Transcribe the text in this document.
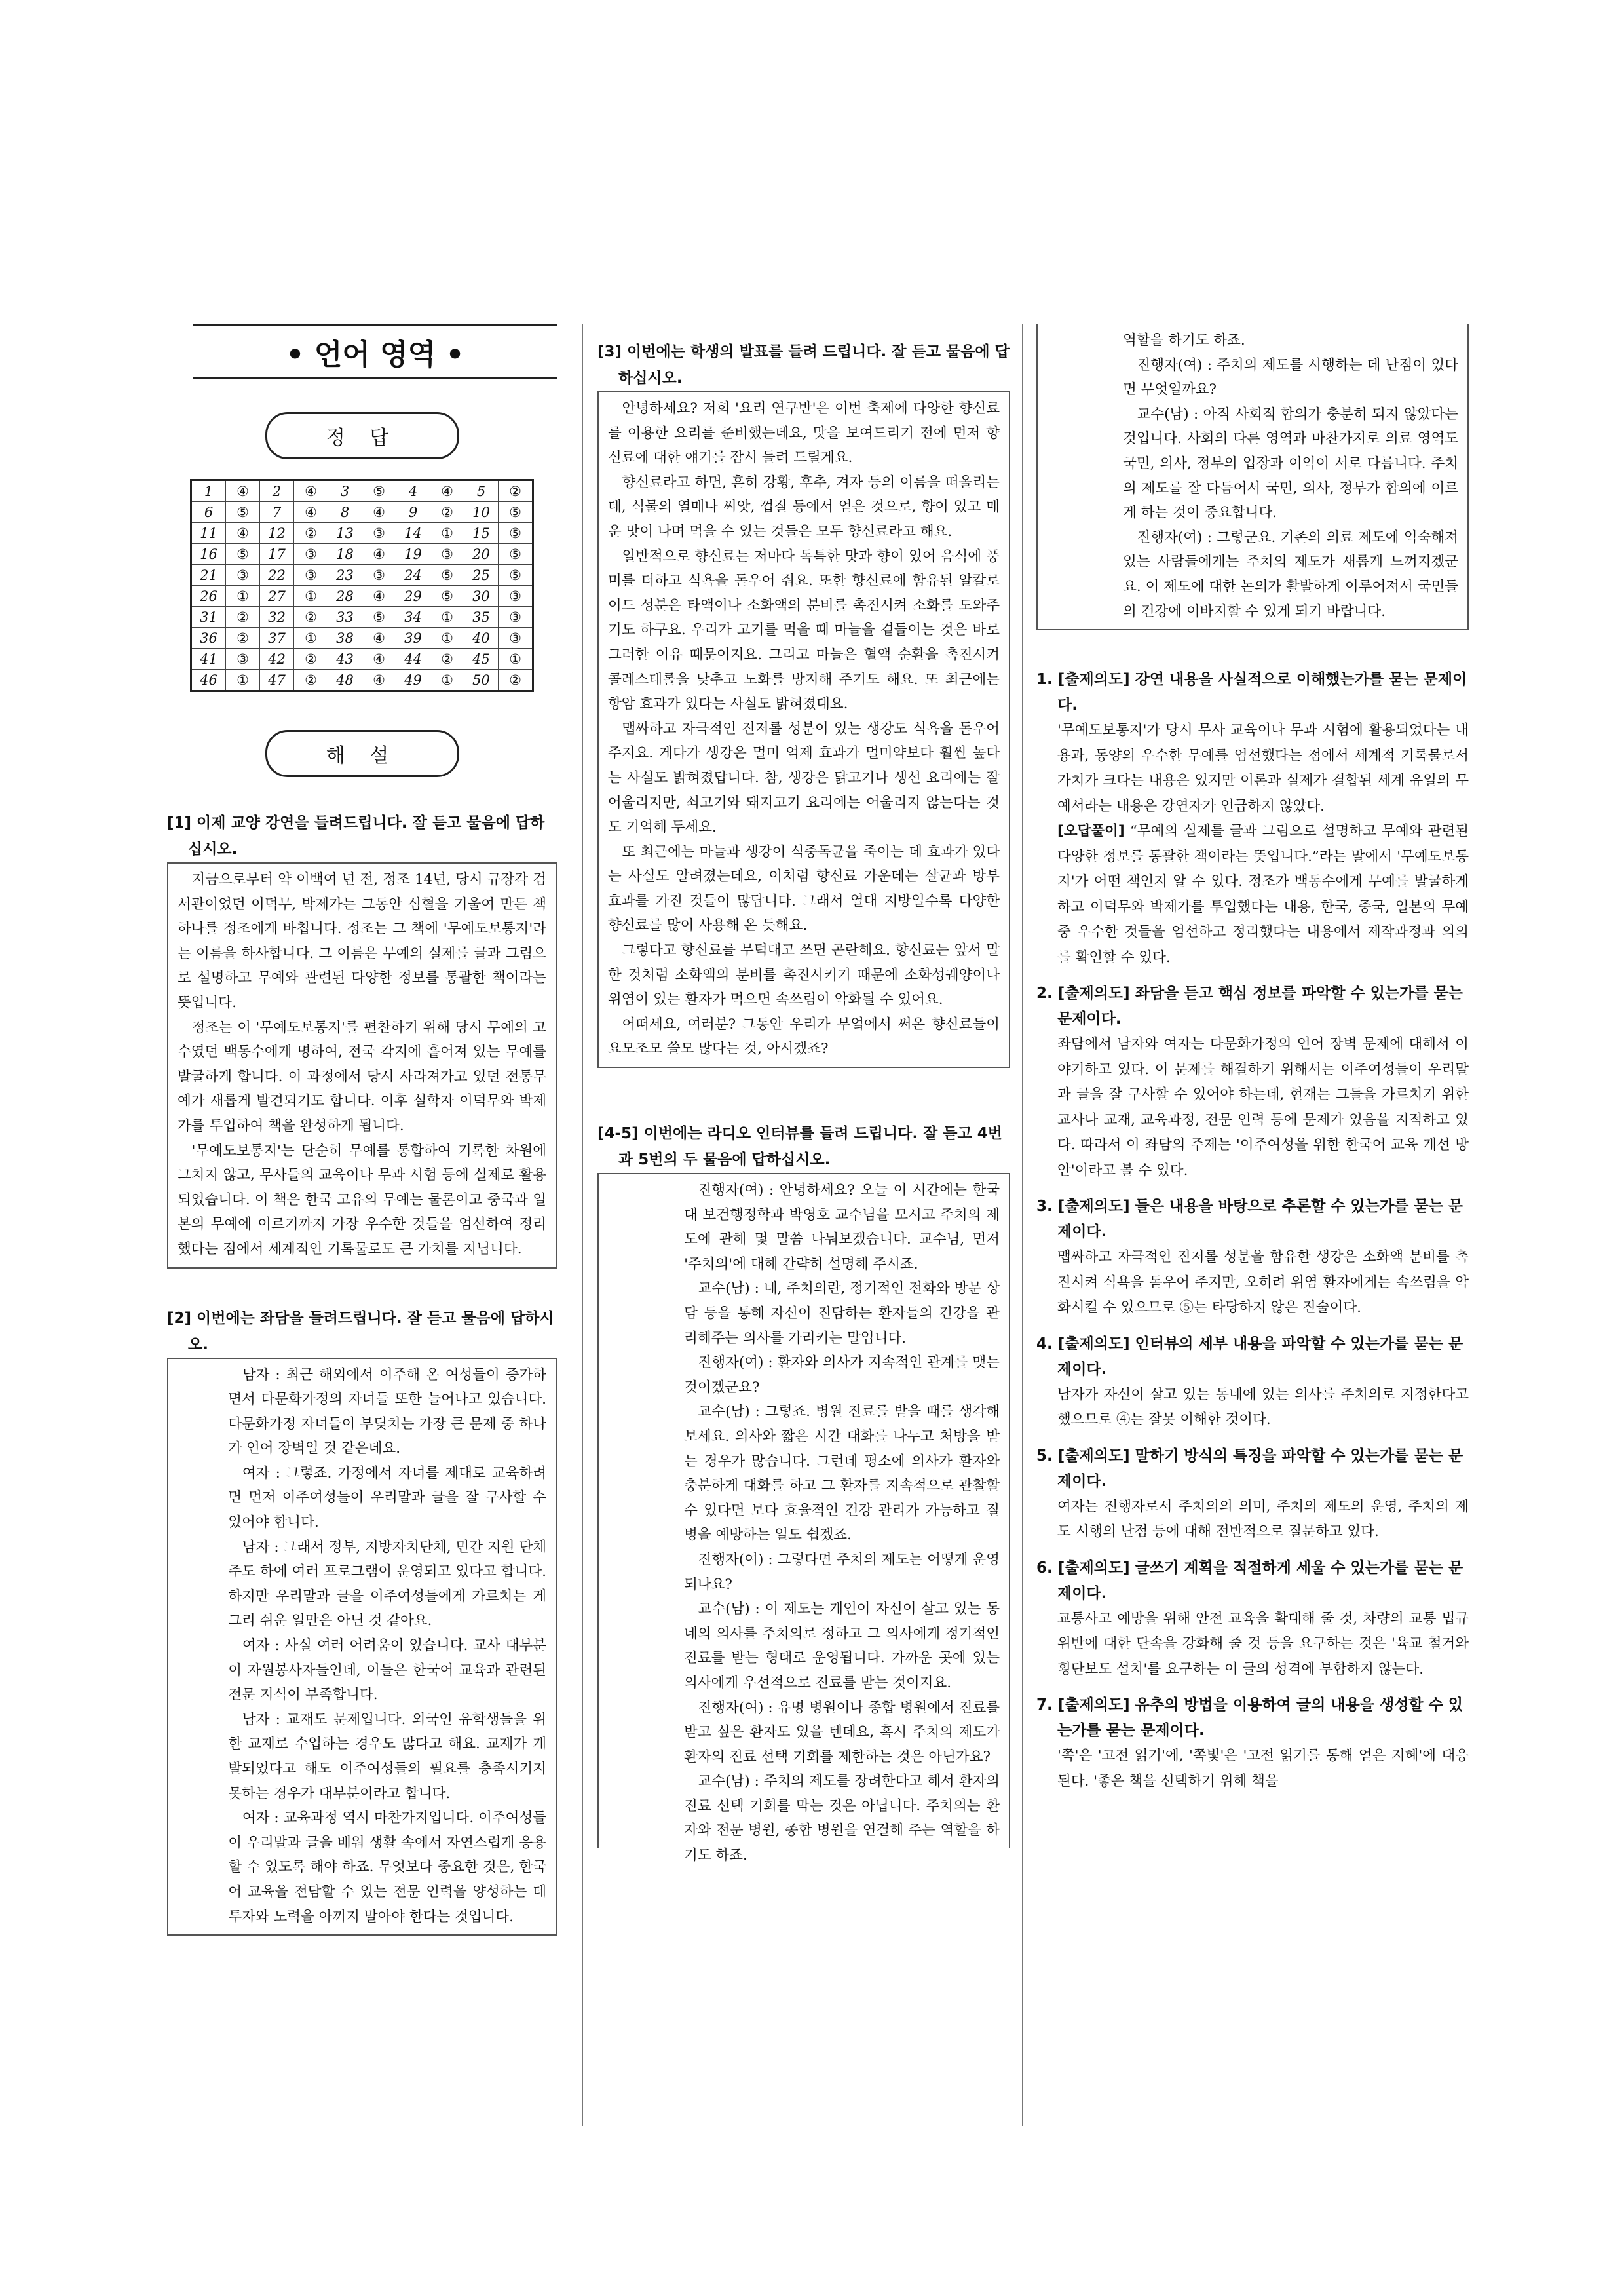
• 언어 영역 •
정 답
1	④	2	④	3	⑤	4	④	5	②
6	⑤	7	④	8	④	9	②	10	⑤
11	④	12	②	13	③	14	①	15	⑤
16	⑤	17	③	18	④	19	③	20	⑤
21	③	22	③	23	③	24	⑤	25	⑤
26	①	27	①	28	④	29	⑤	30	③
31	②	32	②	33	⑤	34	①	35	③
36	②	37	①	38	④	39	①	40	③
41	③	42	②	43	④	44	②	45	①
46	①	47	②	48	④	49	①	50	②
해 설
[1] 이제 교양 강연을 들려드립니다. 잘 듣고 물음에 답하십시오.

지금으로부터 약 이백여 년 전, 정조 14년, 당시 규장각 검서관이었던 이덕무, 박제가는 그동안 심혈을 기울여 만든 책 하나를 정조에게 바칩니다. 정조는 그 책에 '무예도보통지'라는 이름을 하사합니다. 그 이름은 무예의 실제를 글과 그림으로 설명하고 무예와 관련된 다양한 정보를 통괄한 책이라는 뜻입니다.

정조는 이 '무예도보통지'를 편찬하기 위해 당시 무예의 고수였던 백동수에게 명하여, 전국 각지에 흩어져 있는 무예를 발굴하게 합니다. 이 과정에서 당시 사라져가고 있던 전통무예가 새롭게 발견되기도 합니다. 이후 실학자 이덕무와 박제가를 투입하여 책을 완성하게 됩니다.

'무예도보통지'는 단순히 무예를 통합하여 기록한 차원에 그치지 않고, 무사들의 교육이나 무과 시험 등에 실제로 활용되었습니다. 이 책은 한국 고유의 무예는 물론이고 중국과 일본의 무예에 이르기까지 가장 우수한 것들을 엄선하여 정리했다는 점에서 세계적인 기록물로도 큰 가치를 지닙니다.

[2] 이번에는 좌담을 들려드립니다. 잘 듣고 물음에 답하시오.

남자 : 최근 해외에서 이주해 온 여성들이 증가하면서 다문화가정의 자녀들 또한 늘어나고 있습니다. 다문화가정 자녀들이 부딪치는 가장 큰 문제 중 하나가 언어 장벽일 것 같은데요.

여자 : 그렇죠. 가정에서 자녀를 제대로 교육하려면 먼저 이주여성들이 우리말과 글을 잘 구사할 수 있어야 합니다.

남자 : 그래서 정부, 지방자치단체, 민간 지원 단체 주도 하에 여러 프로그램이 운영되고 있다고 합니다. 하지만 우리말과 글을 이주여성들에게 가르치는 게 그리 쉬운 일만은 아닌 것 같아요.

여자 : 사실 여러 어려움이 있습니다. 교사 대부분이 자원봉사자들인데, 이들은 한국어 교육과 관련된 전문 지식이 부족합니다.

남자 : 교재도 문제입니다. 외국인 유학생들을 위한 교재로 수업하는 경우도 많다고 해요. 교재가 개발되었다고 해도 이주여성들의 필요를 충족시키지 못하는 경우가 대부분이라고 합니다.

여자 : 교육과정 역시 마찬가지입니다. 이주여성들이 우리말과 글을 배워 생활 속에서 자연스럽게 응용할 수 있도록 해야 하죠. 무엇보다 중요한 것은, 한국어 교육을 전담할 수 있는 전문 인력을 양성하는 데 투자와 노력을 아끼지 말아야 한다는 것입니다.

[3] 이번에는 학생의 발표를 들려 드립니다. 잘 듣고 물음에 답하십시오.

안녕하세요? 저희 '요리 연구반'은 이번 축제에 다양한 향신료를 이용한 요리를 준비했는데요, 맛을 보여드리기 전에 먼저 향신료에 대한 얘기를 잠시 들려 드릴게요.

향신료라고 하면, 흔히 강황, 후추, 겨자 등의 이름을 떠올리는데, 식물의 열매나 씨앗, 껍질 등에서 얻은 것으로, 향이 있고 매운 맛이 나며 먹을 수 있는 것들은 모두 향신료라고 해요.

일반적으로 향신료는 저마다 독특한 맛과 향이 있어 음식에 풍미를 더하고 식욕을 돋우어 줘요. 또한 향신료에 함유된 알칼로이드 성분은 타액이나 소화액의 분비를 촉진시켜 소화를 도와주기도 하구요. 우리가 고기를 먹을 때 마늘을 곁들이는 것은 바로 그러한 이유 때문이지요. 그리고 마늘은 혈액 순환을 촉진시켜 콜레스테롤을 낮추고 노화를 방지해 주기도 해요. 또 최근에는 항암 효과가 있다는 사실도 밝혀졌대요.

맵싸하고 자극적인 진저롤 성분이 있는 생강도 식욕을 돋우어 주지요. 게다가 생강은 멀미 억제 효과가 멀미약보다 훨씬 높다는 사실도 밝혀졌답니다. 참, 생강은 닭고기나 생선 요리에는 잘 어울리지만, 쇠고기와 돼지고기 요리에는 어울리지 않는다는 것도 기억해 두세요.

또 최근에는 마늘과 생강이 식중독균을 죽이는 데 효과가 있다는 사실도 알려졌는데요, 이처럼 향신료 가운데는 살균과 방부 효과를 가진 것들이 많답니다. 그래서 열대 지방일수록 다양한 향신료를 많이 사용해 온 듯해요.

그렇다고 향신료를 무턱대고 쓰면 곤란해요. 향신료는 앞서 말한 것처럼 소화액의 분비를 촉진시키기 때문에 소화성궤양이나 위염이 있는 환자가 먹으면 속쓰림이 악화될 수 있어요.

어떠세요, 여러분? 그동안 우리가 부엌에서 써온 향신료들이 요모조모 쓸모 많다는 것, 아시겠죠?

[4-5] 이번에는 라디오 인터뷰를 들려 드립니다. 잘 듣고 4번과 5번의 두 물음에 답하십시오.

진행자(여) : 안녕하세요? 오늘 이 시간에는 한국대 보건행정학과 박영호 교수님을 모시고 주치의 제도에 관해 몇 말씀 나눠보겠습니다. 교수님, 먼저 '주치의'에 대해 간략히 설명해 주시죠.

교수(남) : 네, 주치의란, 정기적인 전화와 방문 상담 등을 통해 자신이 진담하는 환자들의 건강을 관리해주는 의사를 가리키는 말입니다.

진행자(여) : 환자와 의사가 지속적인 관계를 맺는 것이겠군요?

교수(남) : 그렇죠. 병원 진료를 받을 때를 생각해 보세요. 의사와 짧은 시간 대화를 나누고 처방을 받는 경우가 많습니다. 그런데 평소에 의사가 환자와 충분하게 대화를 하고 그 환자를 지속적으로 관찰할 수 있다면 보다 효율적인 건강 관리가 가능하고 질병을 예방하는 일도 쉽겠죠.

진행자(여) : 그렇다면 주치의 제도는 어떻게 운영되나요?

교수(남) : 이 제도는 개인이 자신이 살고 있는 동네의 의사를 주치의로 정하고 그 의사에게 정기적인 진료를 받는 형태로 운영됩니다. 가까운 곳에 있는 의사에게 우선적으로 진료를 받는 것이지요.

진행자(여) : 유명 병원이나 종합 병원에서 진료를 받고 싶은 환자도 있을 텐데요, 혹시 주치의 제도가 환자의 진료 선택 기회를 제한하는 것은 아닌가요?

교수(남) : 주치의 제도를 장려한다고 해서 환자의 진료 선택 기회를 막는 것은 아닙니다. 주치의는 환자와 전문 병원, 종합 병원을 연결해 주는 역할을 하기도 하죠.

역할을 하기도 하죠.

진행자(여) : 주치의 제도를 시행하는 데 난점이 있다면 무엇일까요?

교수(남) : 아직 사회적 합의가 충분히 되지 않았다는 것입니다. 사회의 다른 영역과 마찬가지로 의료 영역도 국민, 의사, 정부의 입장과 이익이 서로 다릅니다. 주치의 제도를 잘 다듬어서 국민, 의사, 정부가 합의에 이르게 하는 것이 중요합니다.

진행자(여) : 그렇군요. 기존의 의료 제도에 익숙해져 있는 사람들에게는 주치의 제도가 새롭게 느껴지겠군요. 이 제도에 대한 논의가 활발하게 이루어져서 국민들의 건강에 이바지할 수 있게 되기 바랍니다.

1. [출제의도] 강연 내용을 사실적으로 이해했는가를 묻는 문제이다.

'무예도보통지'가 당시 무사 교육이나 무과 시험에 활용되었다는 내용과, 동양의 우수한 무예를 엄선했다는 점에서 세계적 기록물로서 가치가 크다는 내용은 있지만 이론과 실제가 결합된 세계 유일의 무예서라는 내용은 강연자가 언급하지 않았다.

[오답풀이] “무예의 실제를 글과 그림으로 설명하고 무예와 관련된 다양한 정보를 통괄한 책이라는 뜻입니다.”라는 말에서 '무예도보통지'가 어떤 책인지 알 수 있다. 정조가 백동수에게 무예를 발굴하게 하고 이덕무와 박제가를 투입했다는 내용, 한국, 중국, 일본의 무예 중 우수한 것들을 엄선하고 정리했다는 내용에서 제작과정과 의의를 확인할 수 있다.

2. [출제의도] 좌담을 듣고 핵심 정보를 파악할 수 있는가를 묻는 문제이다.

좌담에서 남자와 여자는 다문화가정의 언어 장벽 문제에 대해서 이야기하고 있다. 이 문제를 해결하기 위해서는 이주여성들이 우리말과 글을 잘 구사할 수 있어야 하는데, 현재는 그들을 가르치기 위한 교사나 교재, 교육과정, 전문 인력 등에 문제가 있음을 지적하고 있다. 따라서 이 좌담의 주제는 '이주여성을 위한 한국어 교육 개선 방안'이라고 볼 수 있다.

3. [출제의도] 들은 내용을 바탕으로 추론할 수 있는가를 묻는 문제이다.

맵싸하고 자극적인 진저롤 성분을 함유한 생강은 소화액 분비를 촉진시켜 식욕을 돋우어 주지만, 오히려 위염 환자에게는 속쓰림을 악화시킬 수 있으므로 ⑤는 타당하지 않은 진술이다.

4. [출제의도] 인터뷰의 세부 내용을 파악할 수 있는가를 묻는 문제이다.

남자가 자신이 살고 있는 동네에 있는 의사를 주치의로 지정한다고 했으므로 ④는 잘못 이해한 것이다.

5. [출제의도] 말하기 방식의 특징을 파악할 수 있는가를 묻는 문제이다.

여자는 진행자로서 주치의의 의미, 주치의 제도의 운영, 주치의 제도 시행의 난점 등에 대해 전반적으로 질문하고 있다.

6. [출제의도] 글쓰기 계획을 적절하게 세울 수 있는가를 묻는 문제이다.

교통사고 예방을 위해 안전 교육을 확대해 줄 것, 차량의 교통 법규 위반에 대한 단속을 강화해 줄 것 등을 요구하는 것은 '육교 철거와 횡단보도 설치'를 요구하는 이 글의 성격에 부합하지 않는다.

7. [출제의도] 유추의 방법을 이용하여 글의 내용을 생성할 수 있는가를 묻는 문제이다.

'쪽'은 '고전 읽기'에, '쪽빛'은 '고전 읽기를 통해 얻은 지혜'에 대응된다. '좋은 책을 선택하기 위해 책을
